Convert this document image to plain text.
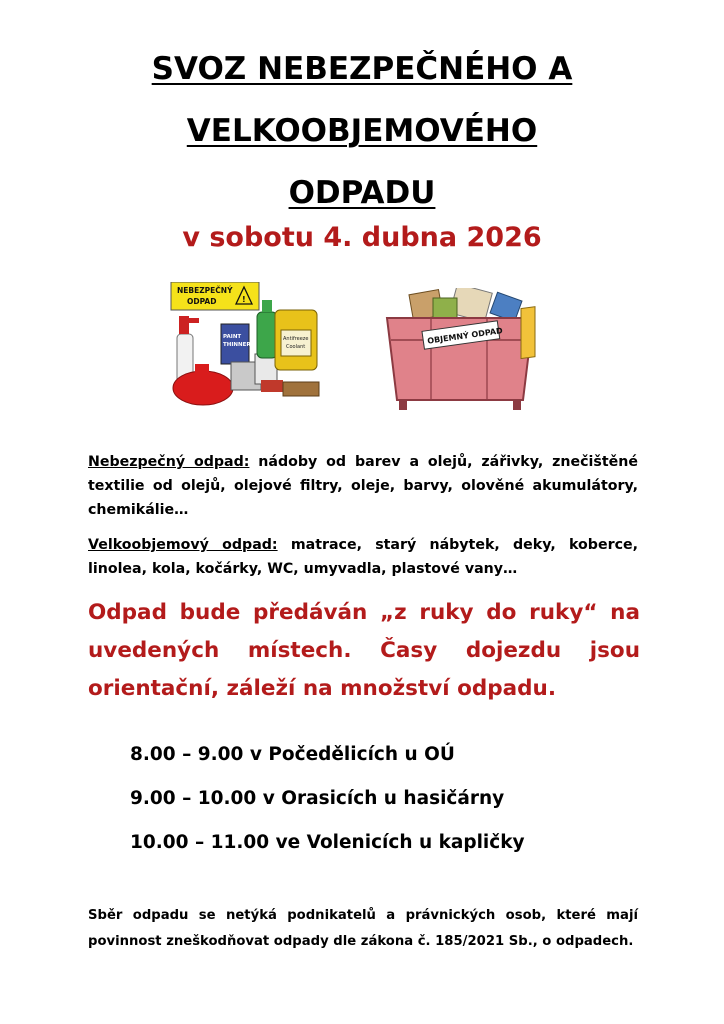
SVOZ NEBEZPEČNÉHO A
VELKOOBJEMOVÉHO
ODPADU
v sobotu 4. dubna 2026
NEBEZPEČNÝ
ODPAD	!
PAINT
THINNER
Antifreeze
Coolant
OBJEMNÝ ODPAD
Nebezpečný odpad: nádoby od barev a olejů, zářivky, znečištěné textilie od olejů, olejové filtry, oleje, barvy, olověné akumulátory, chemikálie…
Velkoobjemový odpad: matrace, starý nábytek, deky, koberce, linolea, kola, kočárky, WC, umyvadla, plastové vany…
Odpad bude předáván „z ruky do ruky“ na uvedených místech. Časy dojezdu jsou orientační, záleží na množství odpadu.
8.00 – 9.00 v Počedělicích u OÚ
9.00 – 10.00 v Orasicích u hasičárny
10.00 – 11.00 ve Volenicích u kapličky
Sběr odpadu se netýká podnikatelů a právnických osob, které mají povinnost zneškodňovat odpady dle zákona č. 185/2021 Sb., o odpadech.
